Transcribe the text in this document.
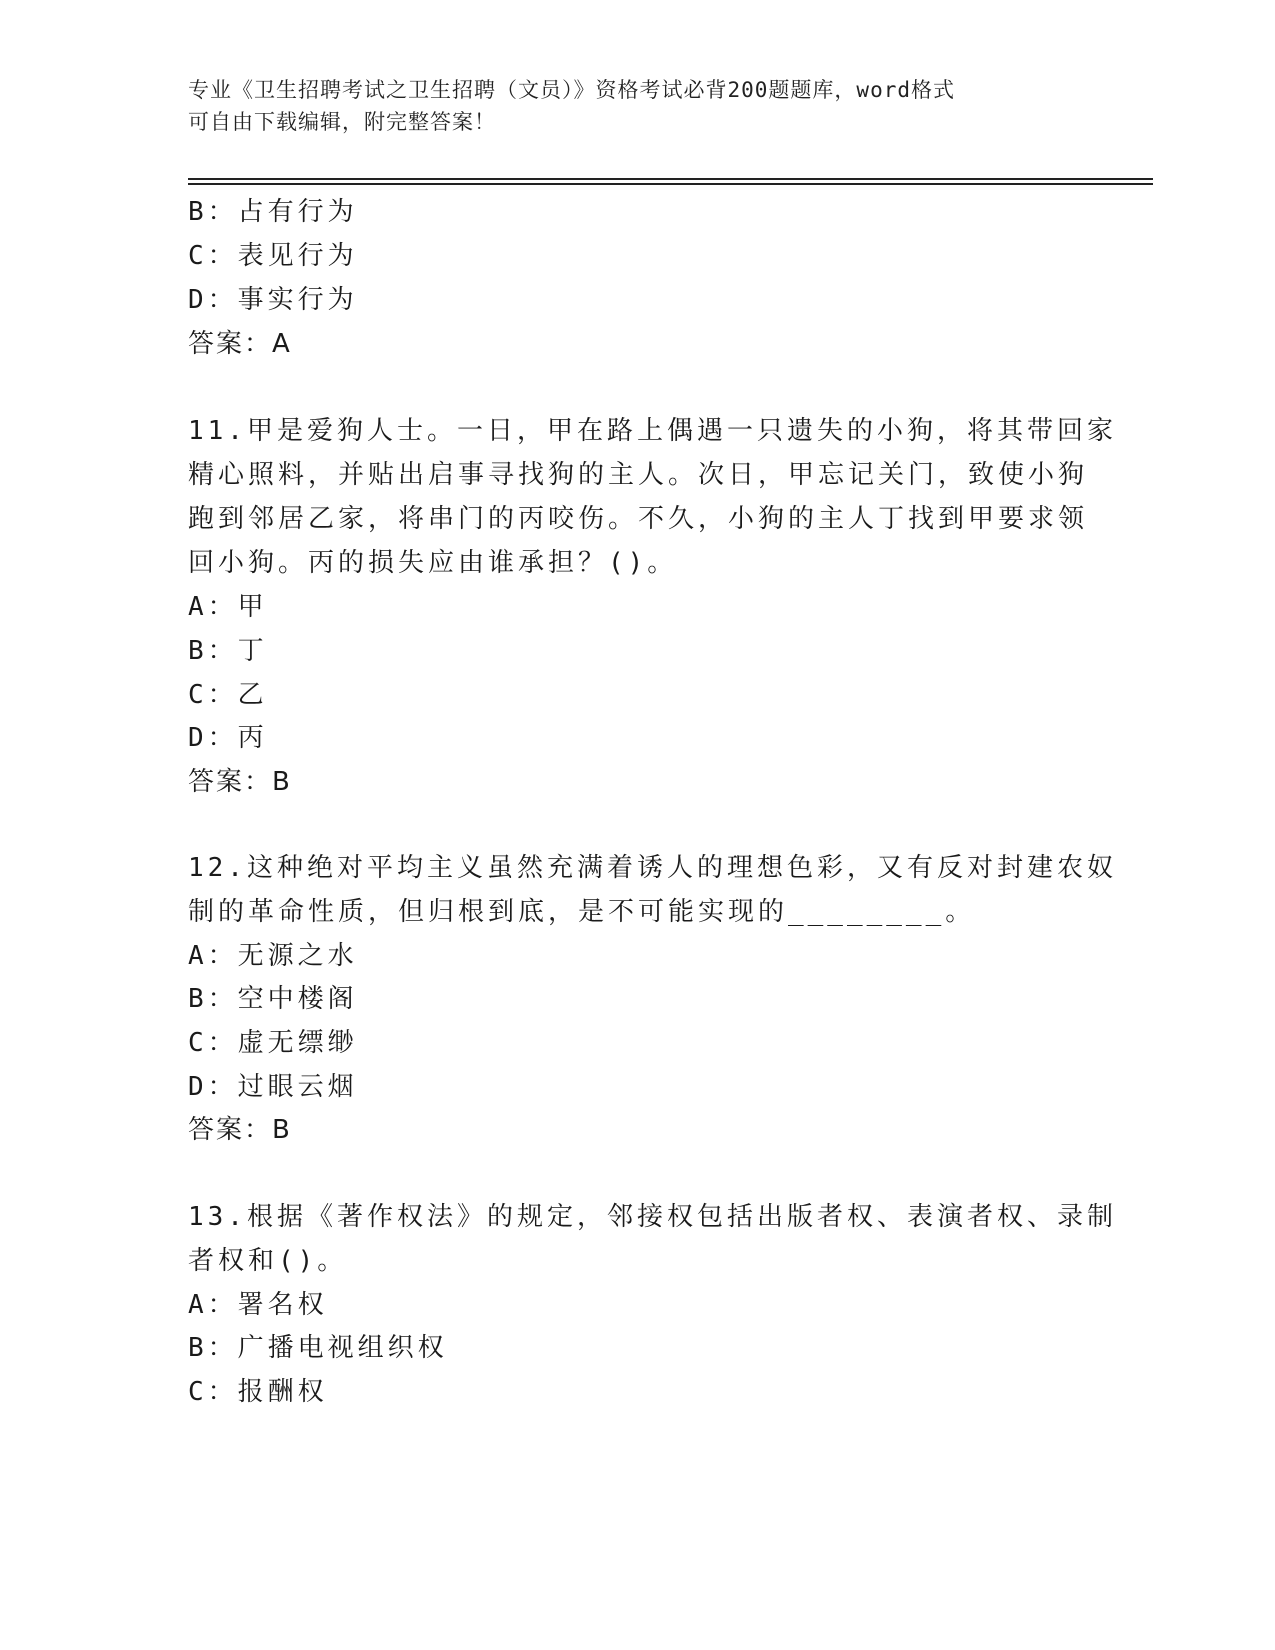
专业《卫生招聘考试之卫生招聘（文员）》资格考试必背200题题库，word格式
可自由下载编辑，附完整答案！
B：占有行为
C：表见行为
D：事实行为
答案：A
11.甲是爱狗人士。一日，甲在路上偶遇一只遗失的小狗，将其带回家
精心照料，并贴出启事寻找狗的主人。次日，甲忘记关门，致使小狗
跑到邻居乙家，将串门的丙咬伤。不久，小狗的主人丁找到甲要求领
回小狗。丙的损失应由谁承担？()。
A：甲
B：丁
C：乙
D：丙
答案：B
12.这种绝对平均主义虽然充满着诱人的理想色彩，又有反对封建农奴
制的革命性质，但归根到底，是不可能实现的________。
A：无源之水
B：空中楼阁
C：虚无缥缈
D：过眼云烟
答案：B
13.根据《著作权法》的规定，邻接权包括出版者权、表演者权、录制
者权和()。
A：署名权
B：广播电视组织权
C：报酬权
